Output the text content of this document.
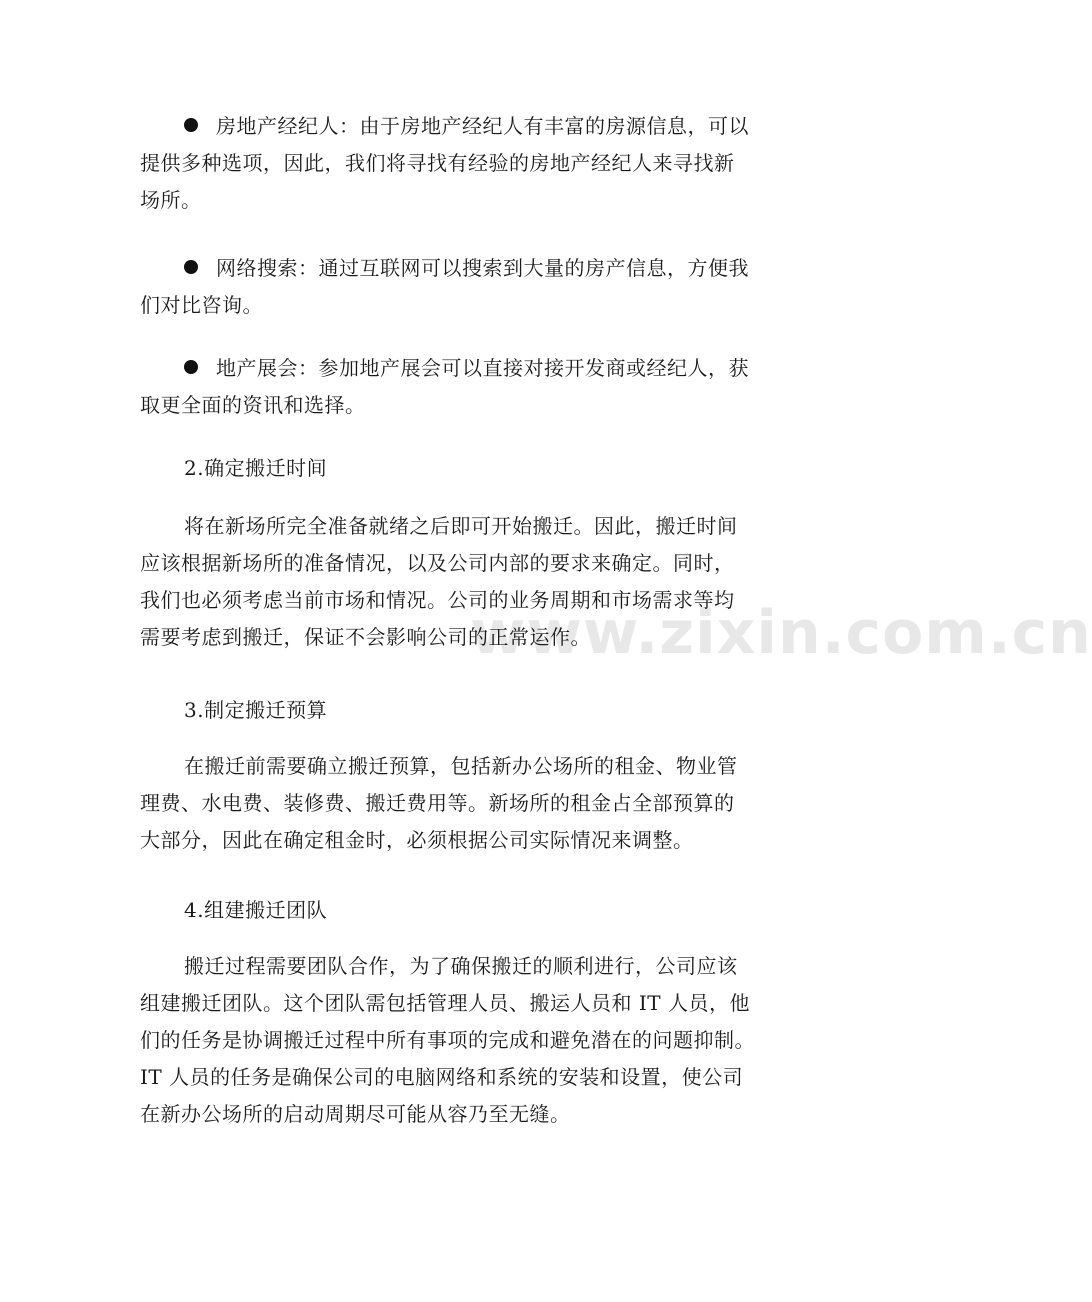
www.zixin.com.cn
房地产经纪人：由于房地产经纪人有丰富的房源信息，可以
提供多种选项，因此，我们将寻找有经验的房地产经纪人来寻找新
场所。
网络搜索：通过互联网可以搜索到大量的房产信息，方便我
们对比咨询。
地产展会：参加地产展会可以直接对接开发商或经纪人，获
取更全面的资讯和选择。
2.确定搬迁时间
将在新场所完全准备就绪之后即可开始搬迁。因此，搬迁时间
应该根据新场所的准备情况，以及公司内部的要求来确定。同时，
我们也必须考虑当前市场和情况。公司的业务周期和市场需求等均
需要考虑到搬迁，保证不会影响公司的正常运作。
3.制定搬迁预算
在搬迁前需要确立搬迁预算，包括新办公场所的租金、物业管
理费、水电费、装修费、搬迁费用等。新场所的租金占全部预算的
大部分，因此在确定租金时，必须根据公司实际情况来调整。
4.组建搬迁团队
搬迁过程需要团队合作，为了确保搬迁的顺利进行，公司应该
组建搬迁团队。这个团队需包括管理人员、搬运人员和 IT 人员，他
们的任务是协调搬迁过程中所有事项的完成和避免潜在的问题抑制。
IT 人员的任务是确保公司的电脑网络和系统的安装和设置，使公司
在新办公场所的启动周期尽可能从容乃至无缝。
